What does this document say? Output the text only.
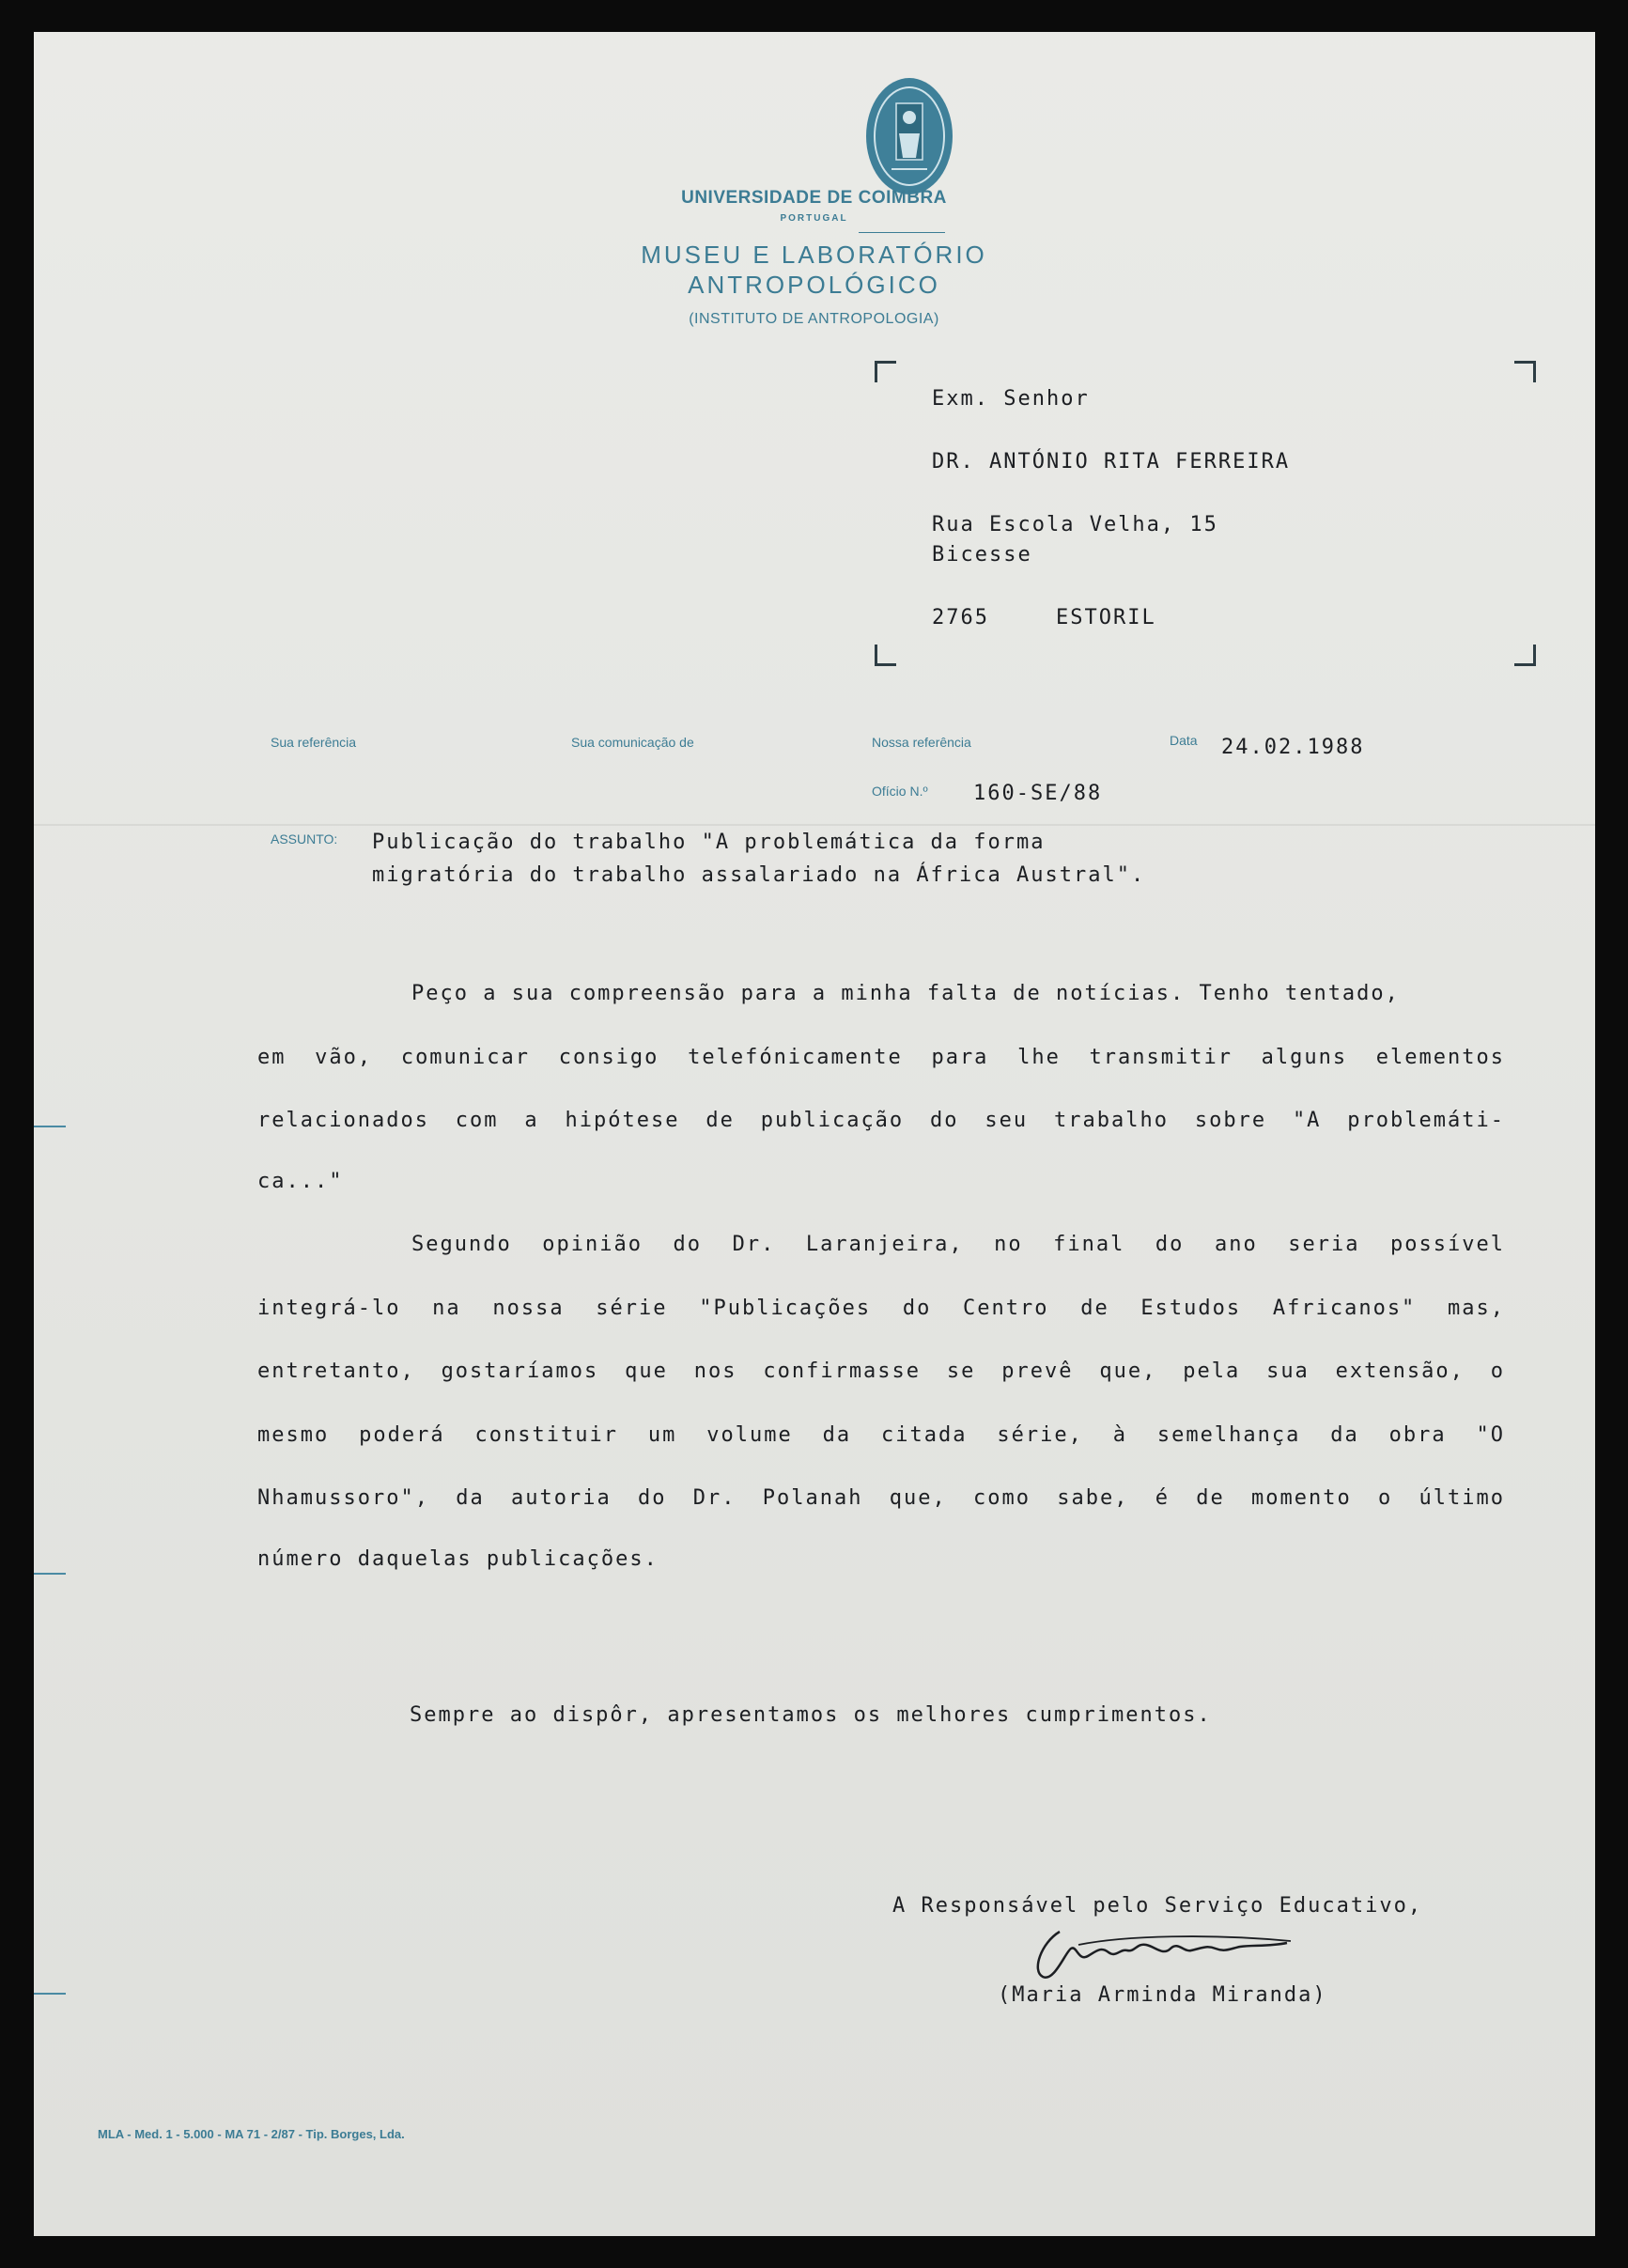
UNIVERSIDADE DE COIMBRA
PORTUGAL
MUSEU E LABORATÓRIO
ANTROPOLÓGICO
(INSTITUTO DE ANTROPOLOGIA)
Exm. Senhor
DR. ANTÓNIO RITA FERREIRA
Rua Escola Velha, 15
Bicesse
2765	ESTORIL
Sua referência	Sua comunicação de	Nossa referência	Data 24.02.1988
Ofício N.º 160-SE/88
ASSUNTO: Publicação do trabalho "A problemática da forma
migratória do trabalho assalariado na África Austral".
Peço a sua compreensão para a minha falta de notícias. Tenho tentado,
em vão, comunicar consigo telefónicamente para lhe transmitir alguns elementos
relacionados com a hipótese de publicação do seu trabalho sobre "A problemáti-
ca..."
Segundo opinião do Dr. Laranjeira, no final do ano seria possível
integrá-lo na nossa série "Publicações do Centro de Estudos Africanos" mas,
entretanto, gostaríamos que nos confirmasse se prevê que, pela sua extensão, o
mesmo poderá constituir um volume da citada série, à semelhança da obra "O
Nhamussoro", da autoria do Dr. Polanah que, como sabe, é de momento o último
número daquelas publicações.
Sempre ao dispôr, apresentamos os melhores cumprimentos.
A Responsável pelo Serviço Educativo,
(Maria Arminda Miranda)
MLA - Med. 1 - 5.000 - MA 71 - 2/87 - Tip. Borges, Lda.
